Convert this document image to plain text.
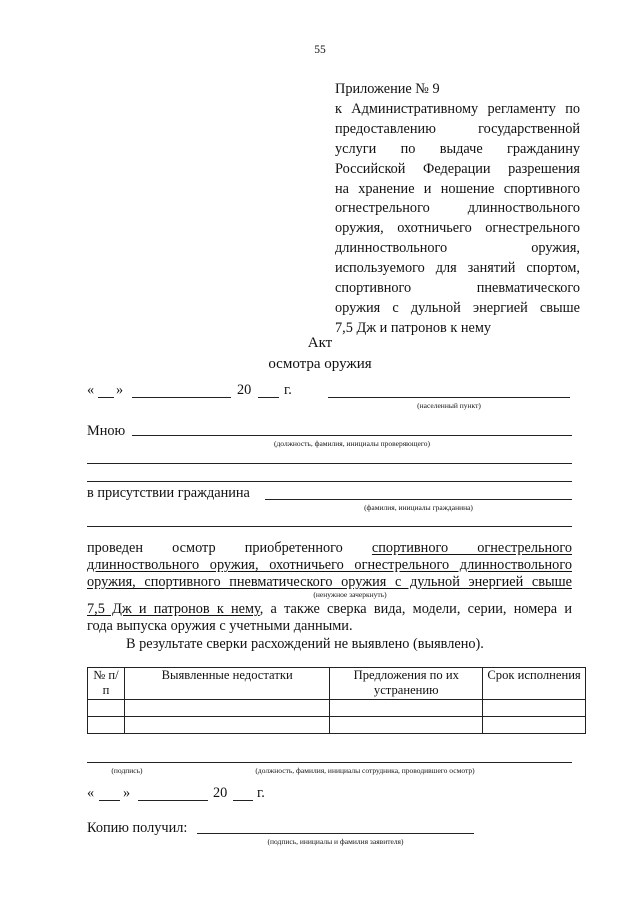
55
Приложение № 9
к Административному регламенту по
предоставлению государственной
услуги по выдаче гражданину
Российской Федерации разрешения
на хранение и ношение спортивного
огнестрельного длинноствольного
оружия, охотничьего огнестрельного
длинноствольного оружия,
используемого для занятий спортом,
спортивного пневматического
оружия с дульной энергией свыше
7,5 Дж и патронов к нему
Акт
осмотра оружия
« »	20 г.
(населенный пункт)
Мною
(должность, фамилия, инициалы проверяющего)
в присутствии гражданина
(фамилия, инициалы гражданина)
проведен осмотр приобретенного спортивного огнестрельного
длинноствольного оружия, охотничьего огнестрельного длинноствольного
оружия, спортивного пневматического оружия с дульной энергией свыше
(ненужное зачеркнуть)
7,5 Дж и патронов к нему, а также сверка вида, модели, серии, номера и
года выпуска оружия с учетными данными.
В результате сверки расхождений не выявлено (выявлено).
№ п/п	Выявленные недостатки	Предложения по их устранению	Срок исполнения

(подпись)	(должность, фамилия, инициалы сотрудника, проводившего осмотр)
« »	20 г.
Копию получил:
(подпись, инициалы и фамилия заявителя)
